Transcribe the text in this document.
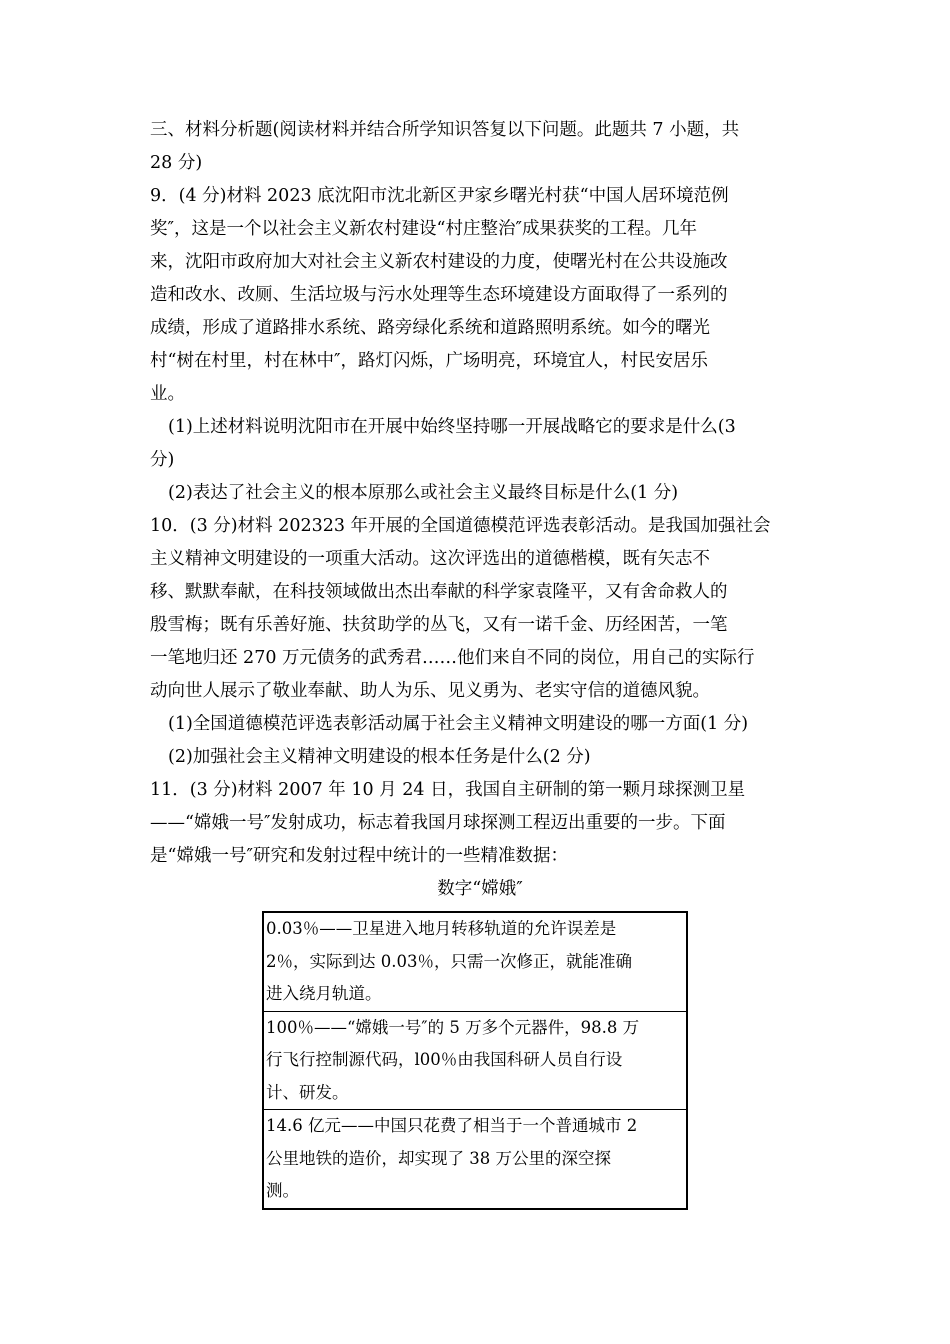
三、材料分析题(阅读材料并结合所学知识答复以下问题。此题共 7 小题，共

28 分)

9．(4 分)材料 2023 底沈阳市沈北新区尹家乡曙光村获“中国人居环境范例

奖″，这是一个以社会主义新农村建设“村庄整治″成果获奖的工程。几年

来，沈阳市政府加大对社会主义新农村建设的力度，使曙光村在公共设施改

造和改水、改厕、生活垃圾与污水处理等生态环境建设方面取得了一系列的

成绩，形成了道路排水系统、路旁绿化系统和道路照明系统。如今的曙光

村“树在村里，村在林中″，路灯闪烁，广场明亮，环境宜人，村民安居乐

业。

(1)上述材料说明沈阳市在开展中始终坚持哪一开展战略它的要求是什么(3

分)

(2)表达了社会主义的根本原那么或社会主义最终目标是什么(1 分)

10．(3 分)材料 202323 年开展的全国道德模范评选表彰活动。是我国加强社会

主义精神文明建设的一项重大活动。这次评选出的道德楷模，既有矢志不

移、默默奉献，在科技领域做出杰出奉献的科学家袁隆平，又有舍命救人的

殷雪梅；既有乐善好施、扶贫助学的丛飞，又有一诺千金、历经困苦，一笔

一笔地归还 270 万元债务的武秀君……他们来自不同的岗位，用自己的实际行

动向世人展示了敬业奉献、助人为乐、见义勇为、老实守信的道德风貌。

(1)全国道德模范评选表彰活动属于社会主义精神文明建设的哪一方面(1 分)

(2)加强社会主义精神文明建设的根本任务是什么(2 分)

11．(3 分)材料 2007 年 10 月 24 日，我国自主研制的第一颗月球探测卫星

——“嫦娥一号″发射成功，标志着我国月球探测工程迈出重要的一步。下面

是“嫦娥一号″研究和发射过程中统计的一些精准数据：

数字“嫦娥″

0.03％——卫星进入地月转移轨道的允许误差是
2％，实际到达 0.03％，只需一次修正，就能准确
进入绕月轨道。

100％——“嫦娥一号″的 5 万多个元器件，98.8 万
行飞行控制源代码，l00％由我国科研人员自行设
计、研发。

14.6 亿元——中国只花费了相当于一个普通城市 2
公里地铁的造价，却实现了 38 万公里的深空探
测。
